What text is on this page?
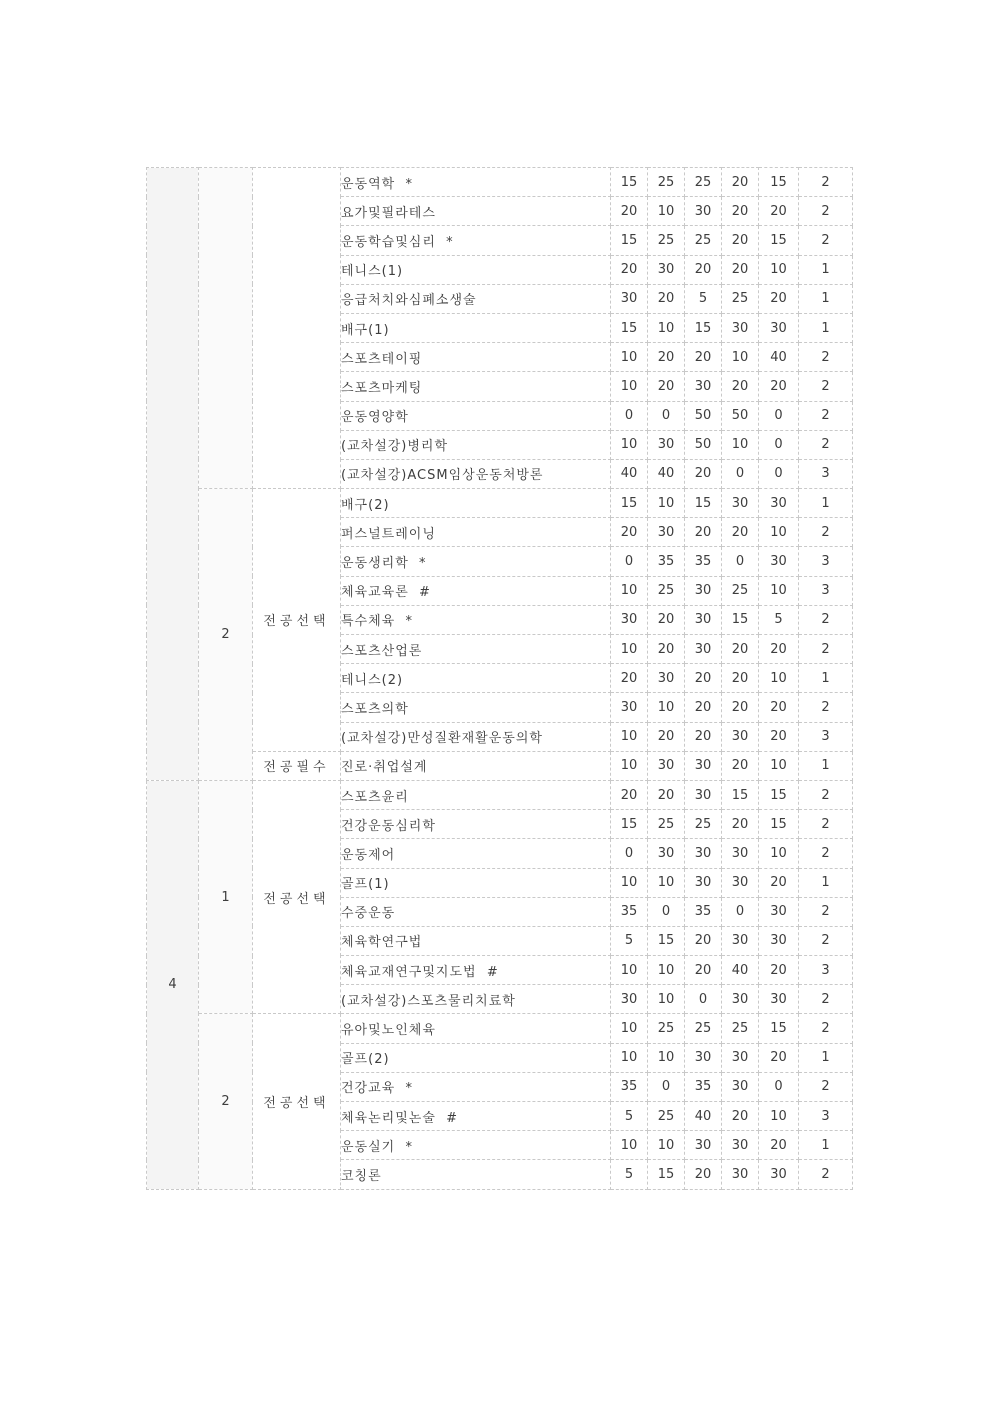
			운동역학  *	15	25	25	20	15	2
			요가및필라테스	20	10	30	20	20	2
			운동학습및심리  *	15	25	25	20	15	2
			테니스(1)	20	30	20	20	10	1
			응급처치와심폐소생술	30	20	5	25	20	1
			배구(1)	15	10	15	30	30	1
			스포츠테이핑	10	20	20	10	40	2
			스포츠마케팅	10	20	30	20	20	2
			운동영양학	0	0	50	50	0	2
			(교차설강)병리학	10	30	50	10	0	2
			(교차설강)ACSM임상운동처방론	40	40	20	0	0	3
	2	전공선택	배구(2)	15	10	15	30	30	1
			퍼스널트레이닝	20	30	20	20	10	2
			운동생리학  *	0	35	35	0	30	3
			체육교육론  #	10	25	30	25	10	3
			특수체육  *	30	20	30	15	5	2
			스포츠산업론	10	20	30	20	20	2
			테니스(2)	20	30	20	20	10	1
			스포츠의학	30	10	20	20	20	2
			(교차설강)만성질환재활운동의학	10	20	20	30	20	3
		전공필수	진로·취업설계	10	30	30	20	10	1
4	1	전공선택	스포츠윤리	20	20	30	15	15	2
			건강운동심리학	15	25	25	20	15	2
			운동제어	0	30	30	30	10	2
			골프(1)	10	10	30	30	20	1
			수중운동	35	0	35	0	30	2
			체육학연구법	5	15	20	30	30	2
			체육교재연구및지도법  #	10	10	20	40	20	3
			(교차설강)스포츠물리치료학	30	10	0	30	30	2
	2	전공선택	유아및노인체육	10	25	25	25	15	2
			골프(2)	10	10	30	30	20	1
			건강교육  *	35	0	35	30	0	2
			체육논리및논술  #	5	25	40	20	10	3
			운동실기  *	10	10	30	30	20	1
			코칭론	5	15	20	30	30	2
